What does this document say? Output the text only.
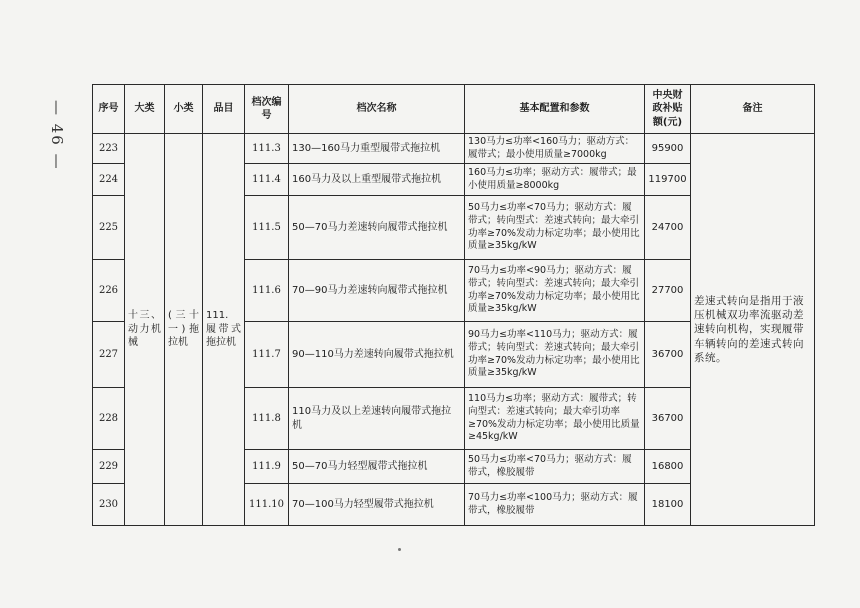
— 46 —	序号	大类	小类	品目	档次编号	档次名称	基本配置和参数	中央财政补贴额(元)	备注
223	十三、动力机械	(三十一)拖拉机	111. 履带式拖拉机	111.3	130—160马力重型履带式拖拉机	130马力≤功率<160马力；驱动方式：履带式；最小使用质量≥7000kg	95900	差速式转向是指用于液压机械双功率流驱动差速转向机构，实现履带车辆转向的差速式转向系统。
224				111.4	160马力及以上重型履带式拖拉机	160马力≤功率；驱动方式：履带式；最小使用质量≥8000kg	119700	
225				111.5	50—70马力差速转向履带式拖拉机	50马力≤功率<70马力；驱动方式：履带式；转向型式：差速式转向；最大牵引功率≥70%发动力标定功率；最小使用比质量≥35kg/kW	24700	
226				111.6	70—90马力差速转向履带式拖拉机	70马力≤功率<90马力；驱动方式：履带式；转向型式：差速式转向；最大牵引功率≥70%发动力标定功率；最小使用比质量≥35kg/kW	27700	
227				111.7	90—110马力差速转向履带式拖拉机	90马力≤功率<110马力；驱动方式：履带式；转向型式：差速式转向；最大牵引功率≥70%发动力标定功率；最小使用比质量≥35kg/kW	36700	
228				111.8	110马力及以上差速转向履带式拖拉机	110马力≤功率；驱动方式：履带式；转向型式：差速式转向；最大牵引功率≥70%发动力标定功率；最小使用比质量≥45kg/kW	36700	
229				111.9	50—70马力轻型履带式拖拉机	50马力≤功率<70马力；驱动方式：履带式，橡胶履带	16800	
230				111.10	70—100马力轻型履带式拖拉机	70马力≤功率<100马力；驱动方式：履带式，橡胶履带	18100	
